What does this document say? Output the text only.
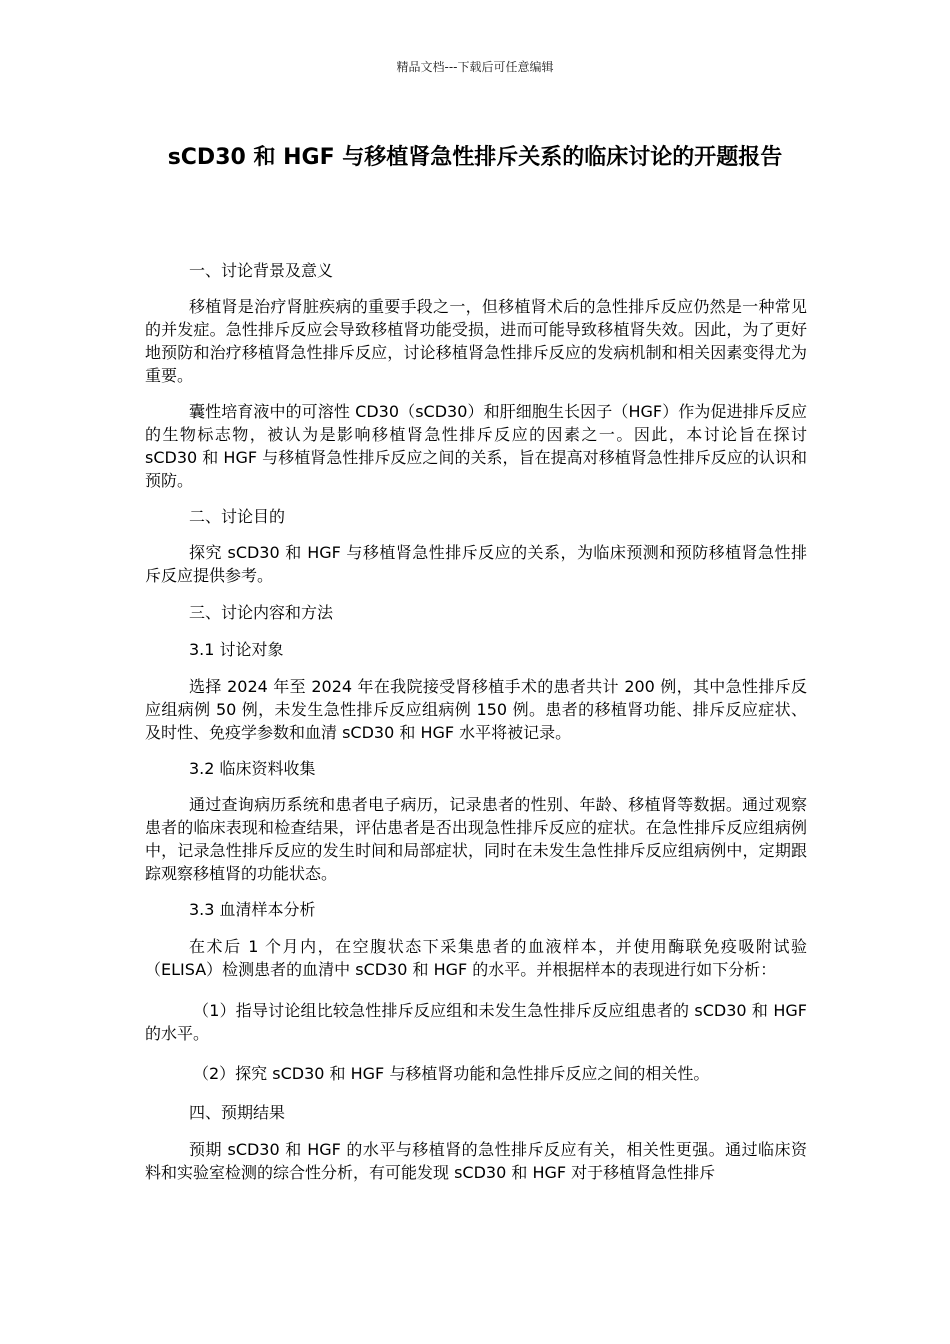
精品文档---下载后可任意编辑
sCD30 和 HGF 与移植肾急性排斥关系的临床讨论的开题报告

一、讨论背景及意义

移植肾是治疗肾脏疾病的重要手段之一，但移植肾术后的急性排斥反应仍然是一种常见的并发症。急性排斥反应会导致移植肾功能受损，进而可能导致移植肾失效。因此，为了更好地预防和治疗移植肾急性排斥反应，讨论移植肾急性排斥反应的发病机制和相关因素变得尤为重要。

囊性培育液中的可溶性 CD30（sCD30）和肝细胞生长因子（HGF）作为促进排斥反应的生物标志物，被认为是影响移植肾急性排斥反应的因素之一。因此，本讨论旨在探讨 sCD30 和 HGF 与移植肾急性排斥反应之间的关系，旨在提高对移植肾急性排斥反应的认识和预防。

二、讨论目的

探究 sCD30 和 HGF 与移植肾急性排斥反应的关系，为临床预测和预防移植肾急性排斥反应提供参考。

三、讨论内容和方法

3.1 讨论对象

选择 2024 年至 2024 年在我院接受肾移植手术的患者共计 200 例，其中急性排斥反应组病例 50 例，未发生急性排斥反应组病例 150 例。患者的移植肾功能、排斥反应症状、及时性、免疫学参数和血清 sCD30 和 HGF 水平将被记录。

3.2 临床资料收集

通过查询病历系统和患者电子病历，记录患者的性别、年龄、移植肾等数据。通过观察患者的临床表现和检查结果，评估患者是否出现急性排斥反应的症状。在急性排斥反应组病例中，记录急性排斥反应的发生时间和局部症状，同时在未发生急性排斥反应组病例中，定期跟踪观察移植肾的功能状态。

3.3 血清样本分析

在术后 1 个月内，在空腹状态下采集患者的血液样本，并使用酶联免疫吸附试验（ELISA）检测患者的血清中 sCD30 和 HGF 的水平。并根据样本的表现进行如下分析：

（1）指导讨论组比较急性排斥反应组和未发生急性排斥反应组患者的 sCD30 和 HGF 的水平。

（2）探究 sCD30 和 HGF 与移植肾功能和急性排斥反应之间的相关性。

四、预期结果

预期 sCD30 和 HGF 的水平与移植肾的急性排斥反应有关，相关性更强。通过临床资料和实验室检测的综合性分析，有可能发现 sCD30 和 HGF 对于移植肾急性排斥
